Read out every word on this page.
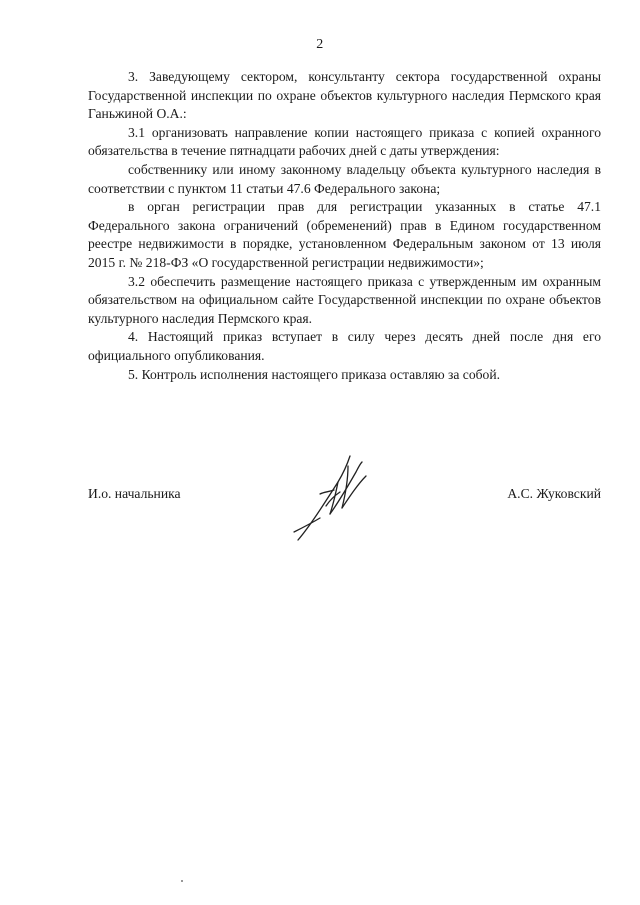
2

3. Заведующему сектором, консультанту сектора государственной охраны Государственной инспекции по охране объектов культурного наследия Пермского края Ганьжиной О.А.:

3.1 организовать направление копии настоящего приказа с копией охранного обязательства в течение пятнадцати рабочих дней с даты утверждения:

собственнику или иному законному владельцу объекта культурного наследия в соответствии с пунктом 11 статьи 47.6 Федерального закона;

в орган регистрации прав для регистрации указанных в статье 47.1 Федерального закона ограничений (обременений) прав в Едином государственном реестре недвижимости в порядке, установленном Федеральным законом от 13 июля 2015 г. № 218-ФЗ «О государственной регистрации недвижимости»;

3.2 обеспечить размещение настоящего приказа с утвержденным им охранным обязательством на официальном сайте Государственной инспекции по охране объектов культурного наследия Пермского края.

4. Настоящий приказ вступает в силу через десять дней после дня его официального опубликования.

5. Контроль исполнения настоящего приказа оставляю за собой.

И.о. начальника	А.С. Жуковский
